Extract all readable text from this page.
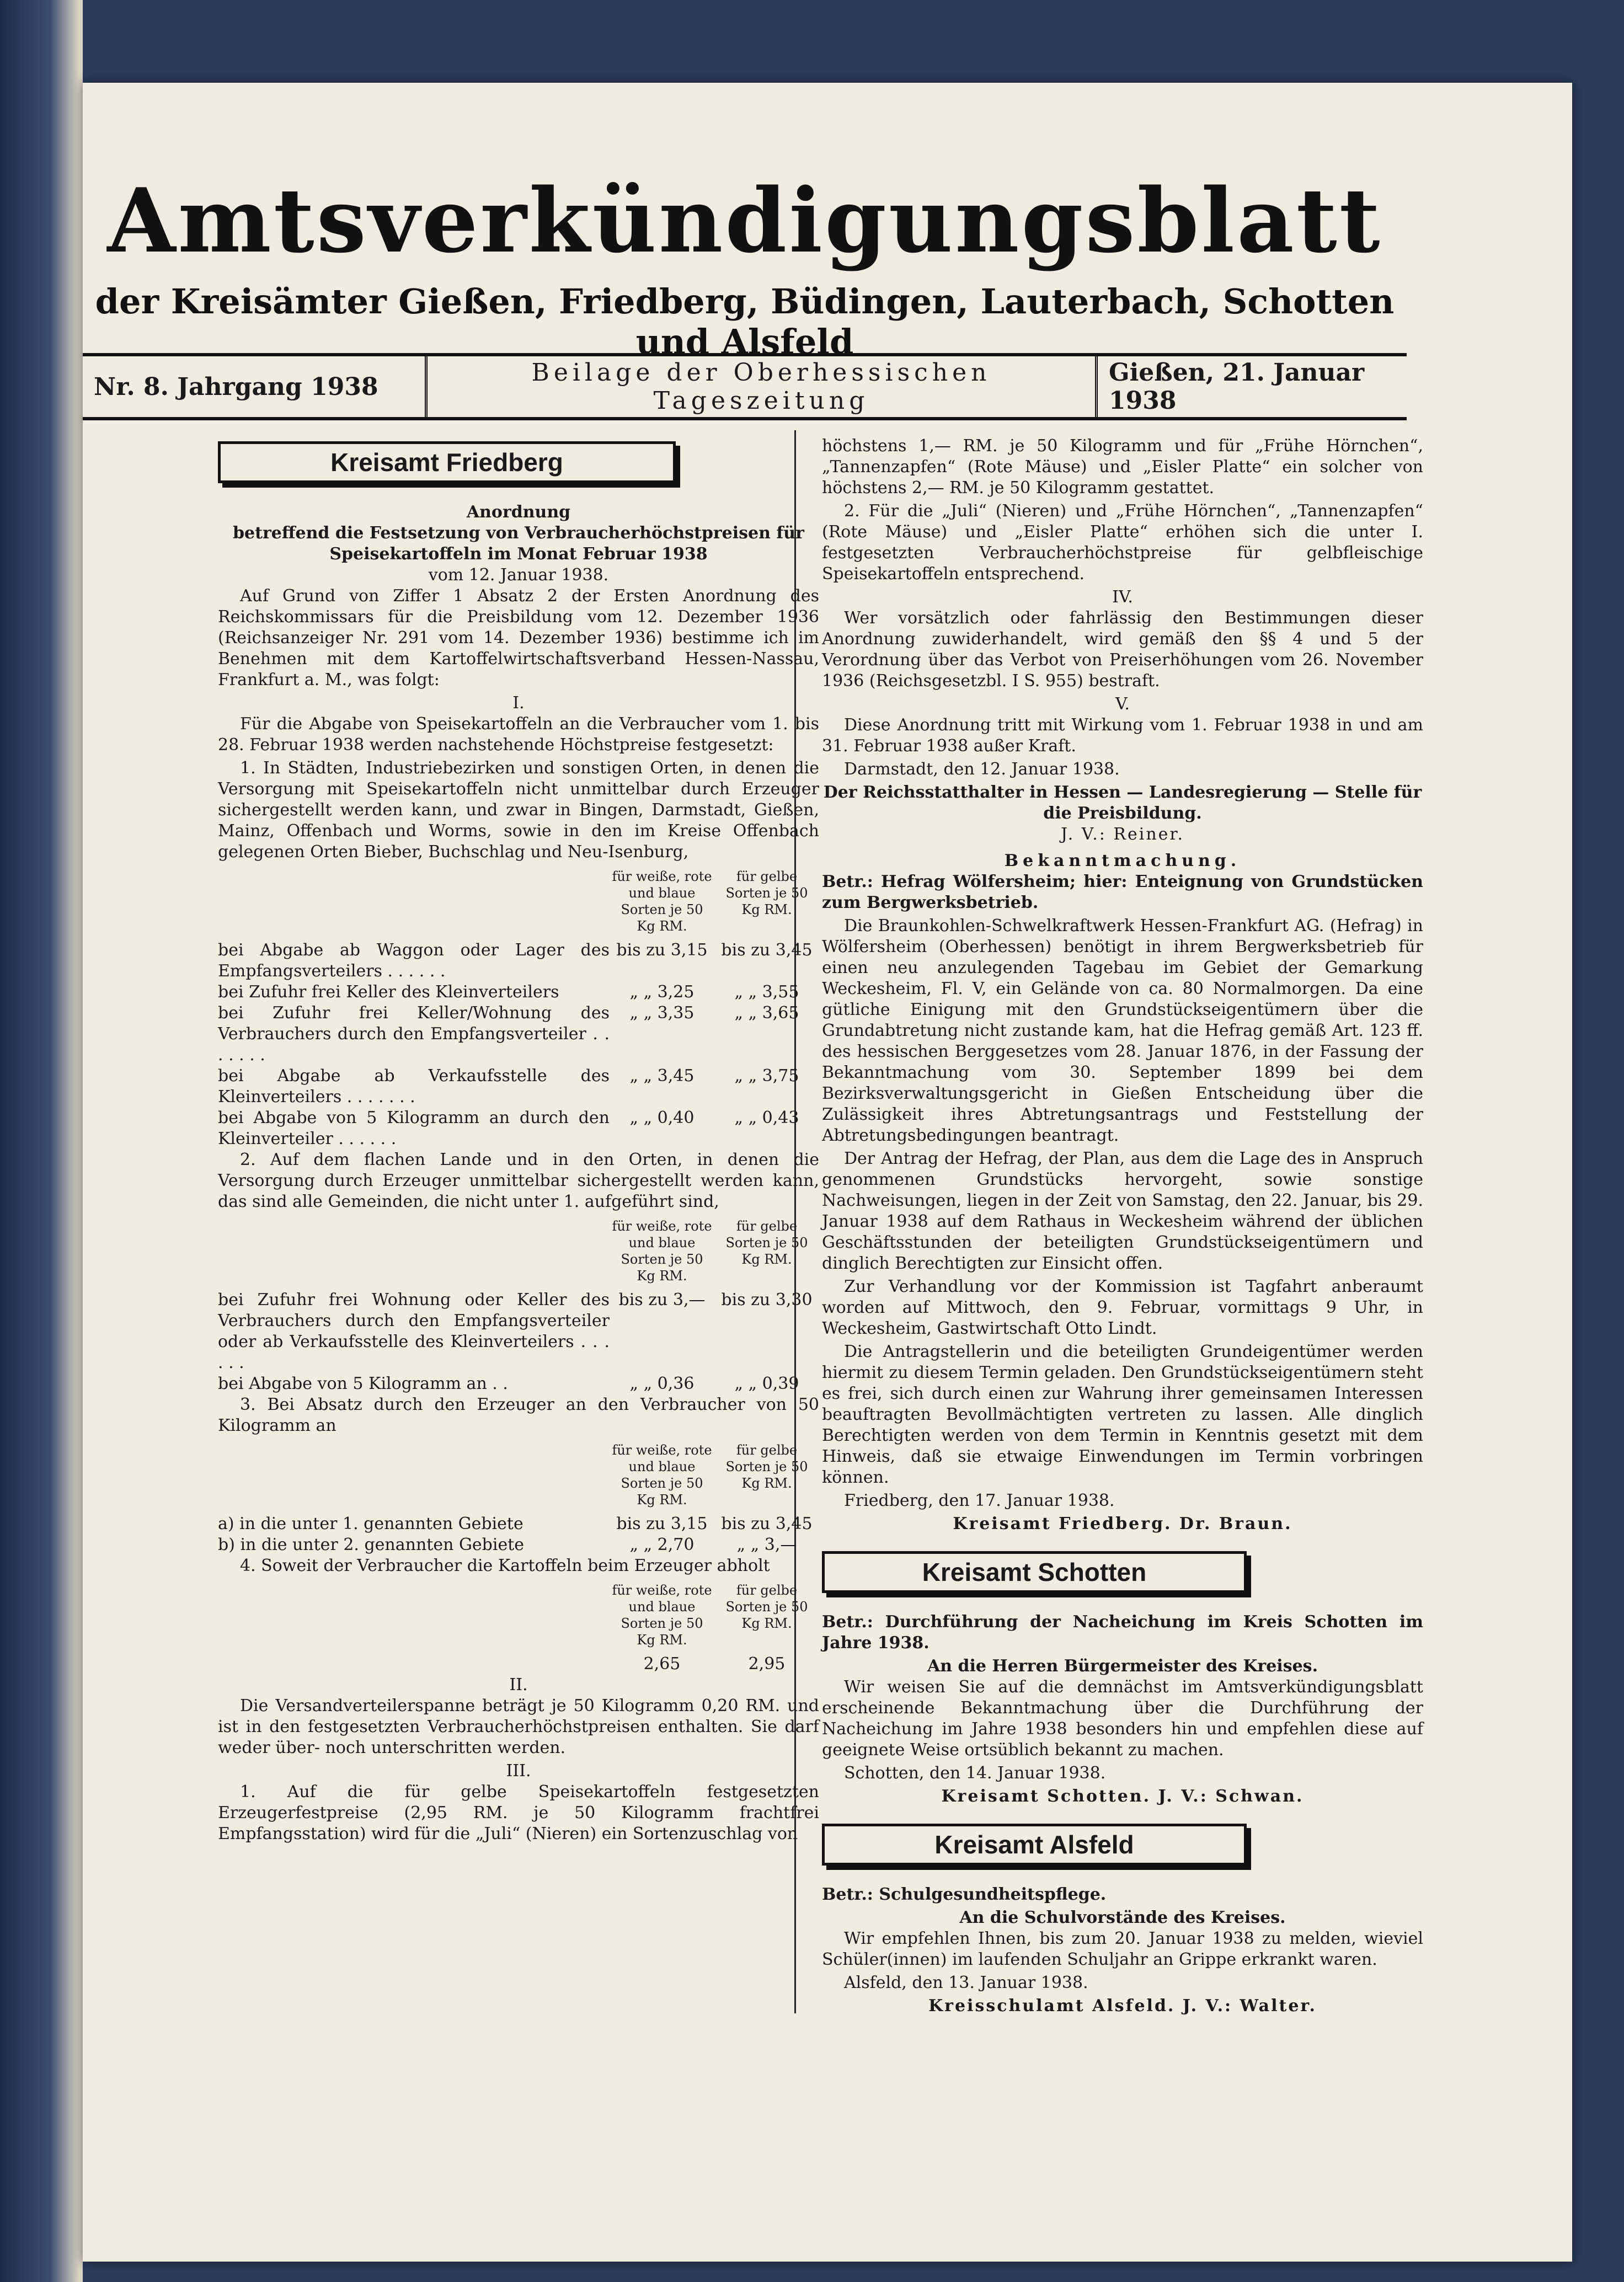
Amtsverkündigungsblatt
der Kreisämter Gießen, Friedberg, Büdingen, Lauterbach, Schotten und Alsfeld
Nr. 8. Jahrgang 1938	Beilage der Oberhessischen Tageszeitung
Gießen, 21. Januar 1938
Kreisamt Friedberg
Anordnung
betreffend die Festsetzung von Verbraucherhöchstpreisen für Speisekartoffeln im Monat Februar 1938
vom 12. Januar 1938.

Auf Grund von Ziffer 1 Absatz 2 der Ersten Anordnung des Reichskommissars für die Preisbildung vom 12. Dezember 1936 (Reichsanzeiger Nr. 291 vom 14. Dezember 1936) bestimme ich im Benehmen mit dem Kartoffelwirtschaftsverband Hessen-Nassau, Frankfurt a. M., was folgt:

I.

Für die Abgabe von Speisekartoffeln an die Verbraucher vom 1. bis 28. Februar 1938 werden nachstehende Höchstpreise festgesetzt:

1. In Städten, Industriebezirken und sonstigen Orten, in denen die Versorgung mit Speisekartoffeln nicht unmittelbar durch Erzeuger sichergestellt werden kann, und zwar in Bingen, Darmstadt, Gießen, Mainz, Offenbach und Worms, sowie in den im Kreise Offenbach gelegenen Orten Bieber, Buchschlag und Neu-Isenburg,

für weiße, rote und blaue Sorten je 50 Kg RM.
für gelbe Sorten je 50 Kg RM.
bei Abgabe ab Waggon oder Lager des Empfangsverteilers . . . . . .
bis zu 3,15 bis zu 3,45
bei Zufuhr frei Keller des Kleinverteilers	„ „ 3,25	„ „ 3,55
bei Zufuhr frei Keller/Wohnung des Verbrauchers durch den Empfangsverteiler . . . . . . .
„ „ 3,35	„ „ 3,65
bei Abgabe ab Verkaufsstelle des Kleinverteilers . . . . . . .
„ „ 3,45	„ „ 3,75
bei Abgabe von 5 Kilogramm an durch den Kleinverteiler . . . . . .
„ „ 0,40	„ „ 0,43

2. Auf dem flachen Lande und in den Orten, in denen die Versorgung durch Erzeuger unmittelbar sichergestellt werden kann, das sind alle Gemeinden, die nicht unter 1. aufgeführt sind,

für weiße, rote und blaue Sorten je 50 Kg RM.
für gelbe Sorten je 50 Kg RM.
bei Zufuhr frei Wohnung oder Keller des Verbrauchers durch den Empfangsverteiler oder ab Verkaufsstelle des Kleinverteilers . . . . . .
bis zu 3,— bis zu 3,30
bei Abgabe von 5 Kilogramm an . .	„ „ 0,36	„ „ 0,39

3. Bei Absatz durch den Erzeuger an den Verbraucher von 50 Kilogramm an

für weiße, rote und blaue Sorten je 50 Kg RM.
für gelbe Sorten je 50 Kg RM.
a) in die unter 1. genannten Gebiete	bis zu 3,15 bis zu 3,45
b) in die unter 2. genannten Gebiete	„ „ 2,70	„ „ 3,—

4. Soweit der Verbraucher die Kartoffeln beim Erzeuger abholt

für weiße, rote und blaue Sorten je 50 Kg RM.
für gelbe Sorten je 50 Kg RM.
2,65	2,95
II.

Die Versandverteilerspanne beträgt je 50 Kilogramm 0,20 RM. und ist in den festgesetzten Verbraucherhöchstpreisen enthalten. Sie darf weder über- noch unterschritten werden.

III.

1. Auf die für gelbe Speisekartoffeln festgesetzten Erzeugerfestpreise (2,95 RM. je 50 Kilogramm frachtfrei Empfangsstation) wird für die „Juli“ (Nieren) ein Sortenzuschlag von

höchstens 1,— RM. je 50 Kilogramm und für „Frühe Hörnchen“, „Tannenzapfen“ (Rote Mäuse) und „Eisler Platte“ ein solcher von höchstens 2,— RM. je 50 Kilogramm gestattet.

2. Für die „Juli“ (Nieren) und „Frühe Hörnchen“, „Tannenzapfen“ (Rote Mäuse) und „Eisler Platte“ erhöhen sich die unter I. festgesetzten Verbraucherhöchstpreise für gelbfleischige Speisekartoffeln entsprechend.

IV.

Wer vorsätzlich oder fahrlässig den Bestimmungen dieser Anordnung zuwiderhandelt, wird gemäß den §§ 4 und 5 der Verordnung über das Verbot von Preiserhöhungen vom 26. November 1936 (Reichsgesetzbl. I S. 955) bestraft.

V.

Diese Anordnung tritt mit Wirkung vom 1. Februar 1938 in und am 31. Februar 1938 außer Kraft.

Darmstadt, den 12. Januar 1938.

Der Reichsstatthalter in Hessen — Landesregierung — Stelle für die Preisbildung.
J. V.: Reiner.
Bekanntmachung.

Betr.: Hefrag Wölfersheim; hier: Enteignung von Grundstücken zum Bergwerksbetrieb.

Die Braunkohlen-Schwelkraftwerk Hessen-Frankfurt AG. (Hefrag) in Wölfersheim (Oberhessen) benötigt in ihrem Bergwerksbetrieb für einen neu anzulegenden Tagebau im Gebiet der Gemarkung Weckesheim, Fl. V, ein Gelände von ca. 80 Normalmorgen. Da eine gütliche Einigung mit den Grundstückseigentümern über die Grundabtretung nicht zustande kam, hat die Hefrag gemäß Art. 123 ff. des hessischen Berggesetzes vom 28. Januar 1876, in der Fassung der Bekanntmachung vom 30. September 1899 bei dem Bezirksverwaltungsgericht in Gießen Entscheidung über die Zulässigkeit ihres Abtretungsantrags und Feststellung der Abtretungsbedingungen beantragt.

Der Antrag der Hefrag, der Plan, aus dem die Lage des in Anspruch genommenen Grundstücks hervorgeht, sowie sonstige Nachweisungen, liegen in der Zeit von Samstag, den 22. Januar, bis 29. Januar 1938 auf dem Rathaus in Weckesheim während der üblichen Geschäftsstunden der beteiligten Grundstückseigentümern und dinglich Berechtigten zur Einsicht offen.

Zur Verhandlung vor der Kommission ist Tagfahrt anberaumt worden auf Mittwoch, den 9. Februar, vormittags 9 Uhr, in Weckesheim, Gastwirtschaft Otto Lindt.

Die Antragstellerin und die beteiligten Grundeigentümer werden hiermit zu diesem Termin geladen. Den Grundstückseigentümern steht es frei, sich durch einen zur Wahrung ihrer gemeinsamen Interessen beauftragten Bevollmächtigten vertreten zu lassen. Alle dinglich Berechtigten werden von dem Termin in Kenntnis gesetzt mit dem Hinweis, daß sie etwaige Einwendungen im Termin vorbringen können.

Friedberg, den 17. Januar 1938.

Kreisamt Friedberg. Dr. Braun.
Kreisamt Schotten

Betr.: Durchführung der Nacheichung im Kreis Schotten im Jahre 1938.

An die Herren Bürgermeister des Kreises.

Wir weisen Sie auf die demnächst im Amtsverkündigungsblatt erscheinende Bekanntmachung über die Durchführung der Nacheichung im Jahre 1938 besonders hin und empfehlen diese auf geeignete Weise ortsüblich bekannt zu machen.

Schotten, den 14. Januar 1938.

Kreisamt Schotten. J. V.: Schwan.
Kreisamt Alsfeld

Betr.: Schulgesundheitspflege.

An die Schulvorstände des Kreises.

Wir empfehlen Ihnen, bis zum 20. Januar 1938 zu melden, wieviel Schüler(innen) im laufenden Schuljahr an Grippe erkrankt waren.

Alsfeld, den 13. Januar 1938.

Kreisschulamt Alsfeld. J. V.: Walter.
